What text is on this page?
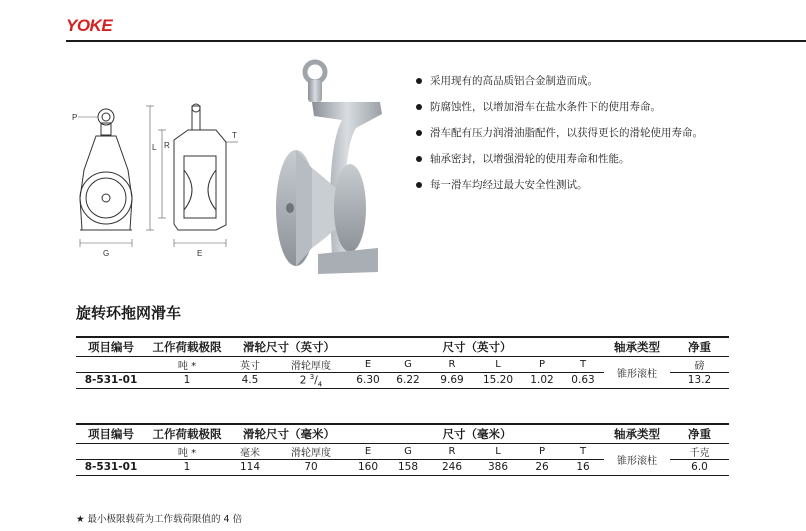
YOKE
P
L R
T
G	E
采用现有的高品质铝合金制造而成。
防腐蚀性，以增加滑车在盐水条件下的使用寿命。
滑车配有压力润滑油脂配件，以获得更长的滑轮使用寿命。
轴承密封，以增强滑轮的使用寿命和性能。
每一滑车均经过最大安全性测试。
旋转环拖网滑车
项目编号	工作荷载极限	滑轮尺寸（英寸）		尺寸（英寸）						轴承类型	净重
	吨 *	英寸	滑轮厚度	E	G	R	L	P	T	锥形滚柱	磅
8-531-01	1	4.5	2 $^3/_4$	6.30	6.22	9.69	15.20	1.02	0.63		13.2
项目编号	工作荷载极限	滑轮尺寸（毫米）		尺寸（毫米）						轴承类型	净重
	吨 *	毫米	滑轮厚度	E	G	R	L	P	T	锥形滚柱	千克
8-531-01	1	114	70	160	158	246	386	26	16		6.0
★ 最小极限载荷为工作载荷限值的 4 倍
